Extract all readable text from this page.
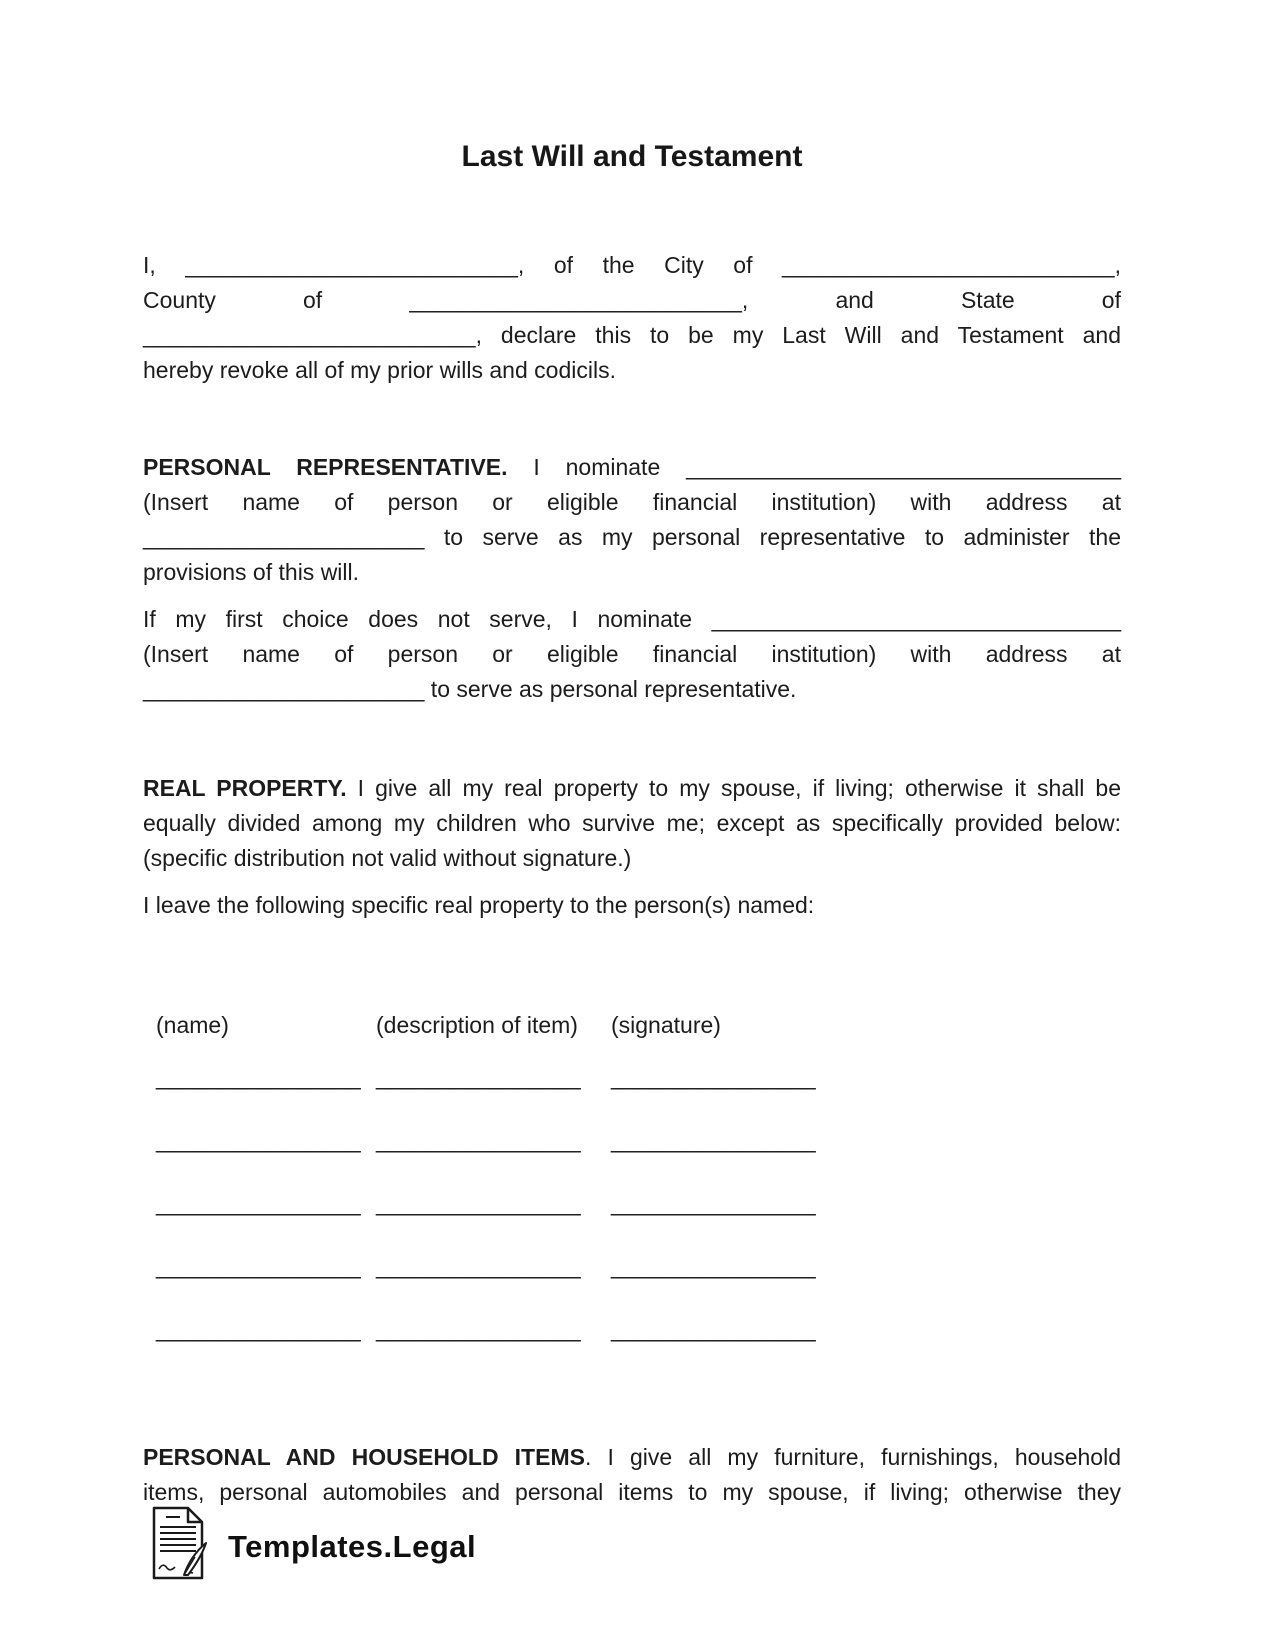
Last Will and Testament
I, __________________________, of the City of __________________________,
County of __________________________, and State of
__________________________, declare this to be my Last Will and Testament and
hereby revoke all of my prior wills and codicils.
PERSONAL REPRESENTATIVE. I nominate __________________________________
(Insert name of person or eligible financial institution) with address at
______________________ to serve as my personal representative to administer the
provisions of this will.
If my first choice does not serve, I nominate ________________________________
(Insert name of person or eligible financial institution) with address at
______________________ to serve as personal representative.
REAL PROPERTY. I give all my real property to my spouse, if living; otherwise it shall be
equally divided among my children who survive me; except as specifically provided below:
(specific distribution not valid without signature.)
I leave the following specific real property to the person(s) named:
(name)	(description of item)	(signature)
________________ ________________	________________
________________ ________________	________________
________________ ________________	________________
________________ ________________	________________
________________ ________________	________________
PERSONAL AND HOUSEHOLD ITEMS. I give all my furniture, furnishings, household
items, personal automobiles and personal items to my spouse, if living; otherwise they
Templates.Legal
